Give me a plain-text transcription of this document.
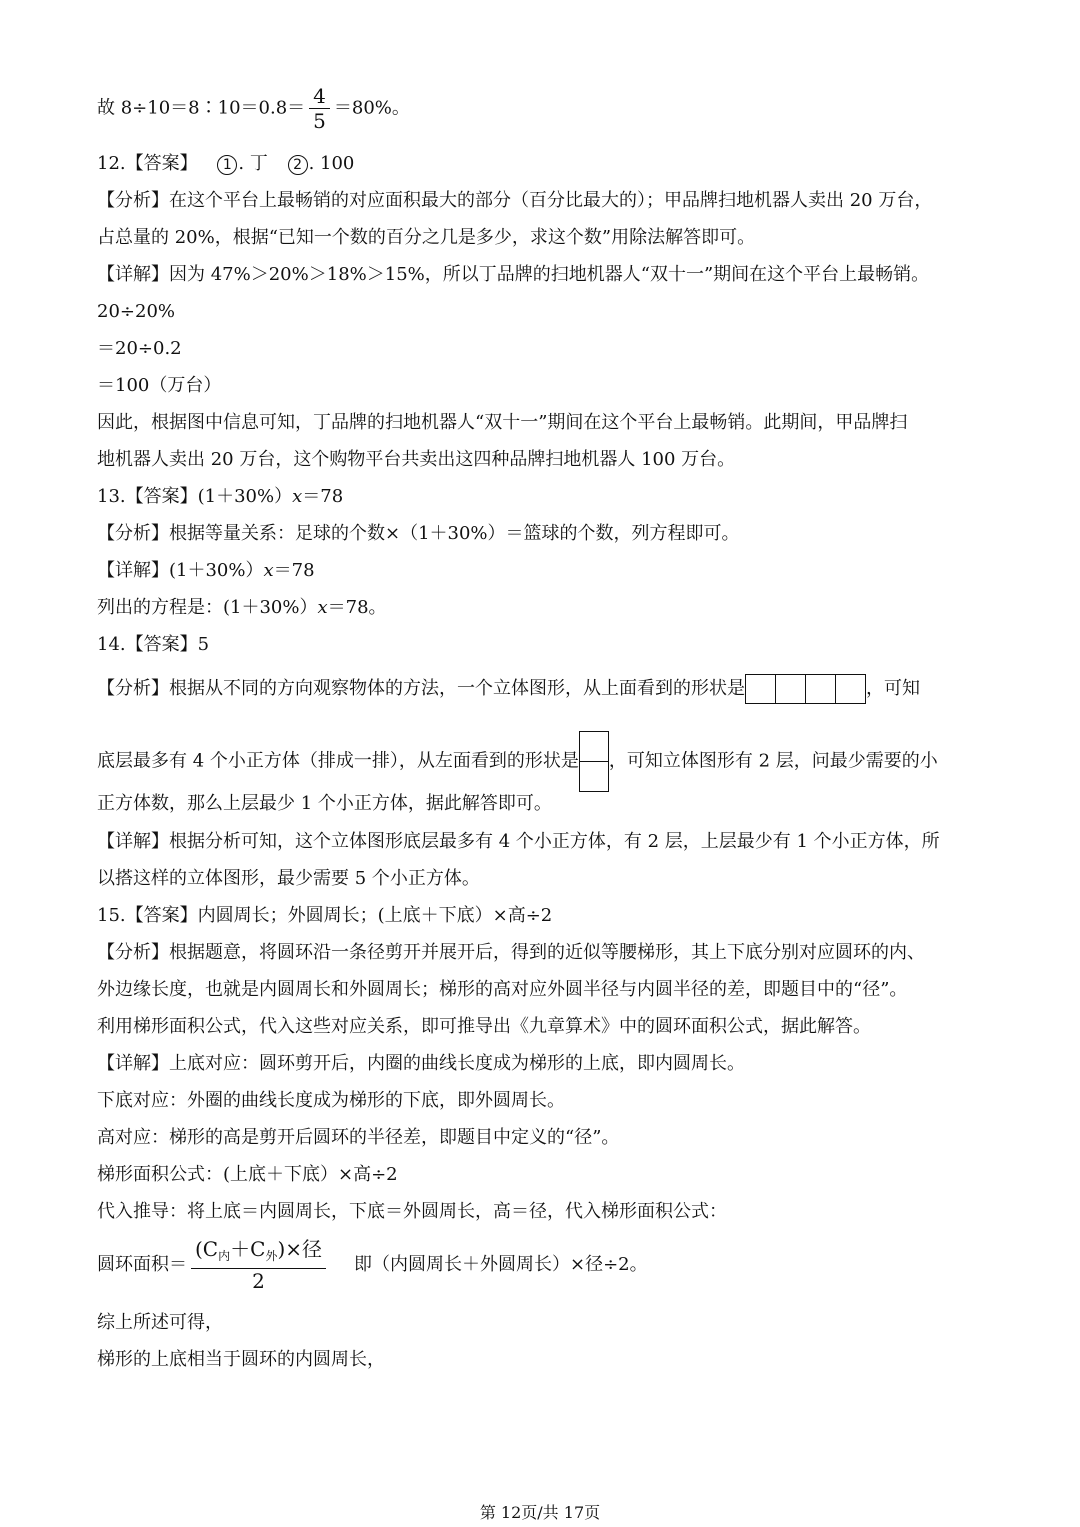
故 8÷10＝8∶10＝0.8＝ $\frac{4}{5} =80\%$。
12.【答案】 1 . 丁 2 . 100
【分析】在这个平台上最畅销的对应面积最大的部分（百分比最大的）；甲品牌扫地机器人卖出 20 万台，
占总量的 20%，根据“已知一个数的百分之几是多少，求这个数”用除法解答即可。
【详解】因为 47%＞20%＞18%＞15%，所以丁品牌的扫地机器人“双十一”期间在这个平台上最畅销。
20÷20%
＝20÷0.2
＝100（万台）
因此，根据图中信息可知，丁品牌的扫地机器人“双十一”期间在这个平台上最畅销。此期间，甲品牌扫
地机器人卖出 20 万台，这个购物平台共卖出这四种品牌扫地机器人 100 万台。
13.【答案】(1＋30%）x＝78
【分析】根据等量关系：足球的个数×（1＋30%）＝篮球的个数，列方程即可。
【详解】(1＋30%）x＝78
列出的方程是：(1＋30%）x＝78。
14.【答案】5
【分析】根据从不同的方向观察物体的方法，一个立体图形，从上面看到的形状是	，可知
底层最多有 4 个小正方体（排成一排），从左面看到的形状是 ，可知立体图形有 2 层，问最少需要的小
正方体数，那么上层最少 1 个小正方体，据此解答即可。
【详解】根据分析可知，这个立体图形底层最多有 4 个小正方体，有 2 层，上层最少有 1 个小正方体，所
以搭这样的立体图形，最少需要 5 个小正方体。
15.【答案】内圆周长；外圆周长；(上底＋下底）×高÷2
【分析】根据题意，将圆环沿一条径剪开并展开后，得到的近似等腰梯形，其上下底分别对应圆环的内、
外边缘长度，也就是内圆周长和外圆周长；梯形的高对应外圆半径与内圆半径的差，即题目中的“径”。
利用梯形面积公式，代入这些对应关系，即可推导出《九章算术》中的圆环面积公式，据此解答。
【详解】上底对应：圆环剪开后，内圈的曲线长度成为梯形的上底，即内圆周长。
下底对应：外圈的曲线长度成为梯形的下底，即外圆周长。
高对应：梯形的高是剪开后圆环的半径差，即题目中定义的“径”。
梯形面积公式：(上底＋下底）×高÷2
代入推导：将上底＝内圆周长，下底＝外圆周长，高＝径，代入梯形面积公式：
圆环面积＝ $\frac{(C_内+C_外)\times 径}{2}$ 即（内圆周长＋外圆周长）×径÷2。
综上所述可得，
梯形的上底相当于圆环的内圆周长，
第 12页/共 17页
